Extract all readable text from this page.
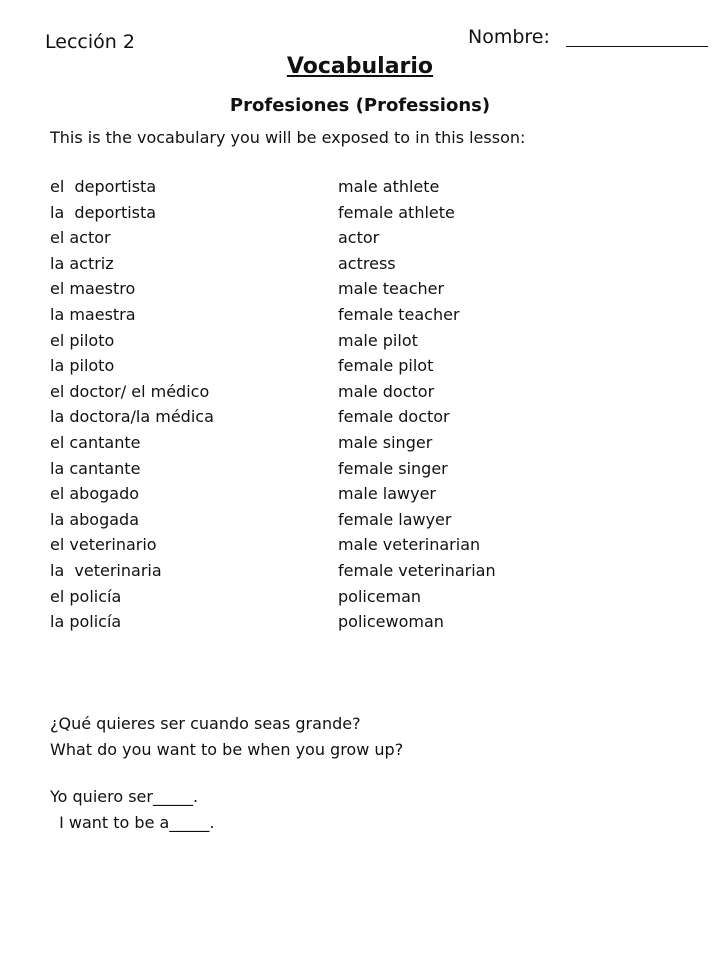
Lección 2	Nombre:
Vocabulario
Profesiones (Professions)
This is the vocabulary you will be exposed to in this lesson:
el  deportista	male athlete
la  deportista	female athlete
el actor	actor
la actriz	actress
el maestro	male teacher
la maestra	female teacher
el piloto	male pilot
la piloto	female pilot
el doctor/ el médico	male doctor
la doctora/la médica	female doctor
el cantante	male singer
la cantante	female singer
el abogado	male lawyer
la abogada	female lawyer
el veterinario	male veterinarian
la  veterinaria	female veterinarian
el policía	policeman
la policía	policewoman
¿Qué quieres ser cuando seas grande?
What do you want to be when you grow up?
Yo quiero ser_____.
I want to be a_____.
